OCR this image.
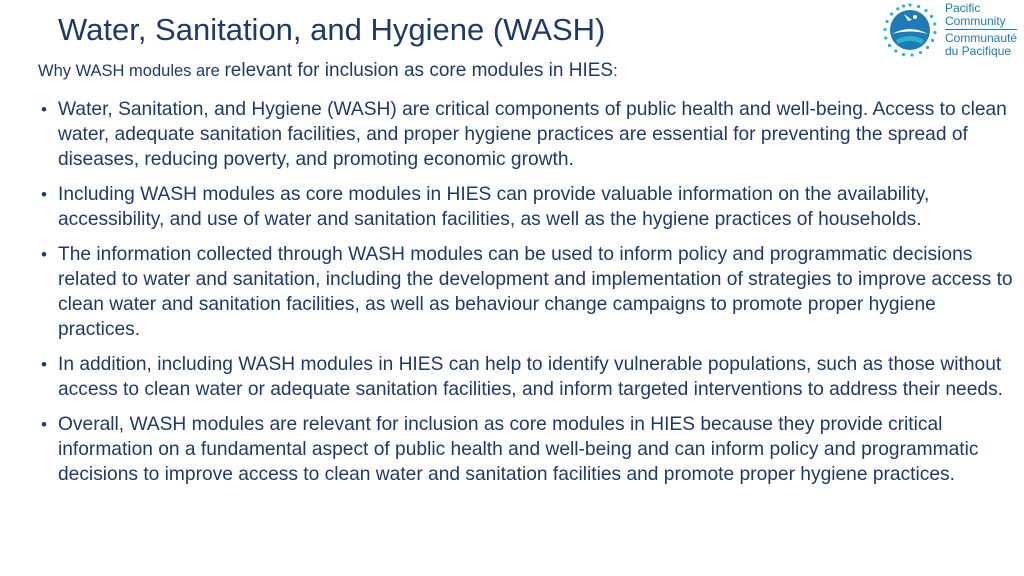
Water, Sanitation, and Hygiene (WASH)
Why WASH modules are relevant for inclusion as core modules in HIES:
• Water, Sanitation, and Hygiene (WASH) are critical components of public health and well-being. Access to clean water, adequate sanitation facilities, and proper hygiene practices are essential for preventing the spread of diseases, reducing poverty, and promoting economic growth.
• Including WASH modules as core modules in HIES can provide valuable information on the availability, accessibility, and use of water and sanitation facilities, as well as the hygiene practices of households.
• The information collected through WASH modules can be used to inform policy and programmatic decisions related to water and sanitation, including the development and implementation of strategies to improve access to clean water and sanitation facilities, as well as behaviour change campaigns to promote proper hygiene practices.
• In addition, including WASH modules in HIES can help to identify vulnerable populations, such as those without access to clean water or adequate sanitation facilities, and inform targeted interventions to address their needs.
• Overall, WASH modules are relevant for inclusion as core modules in HIES because they provide critical information on a fundamental aspect of public health and well-being and can inform policy and programmatic decisions to improve access to clean water and sanitation facilities and promote proper hygiene practices.
Pacific
Community
Communauté
du Pacifique
